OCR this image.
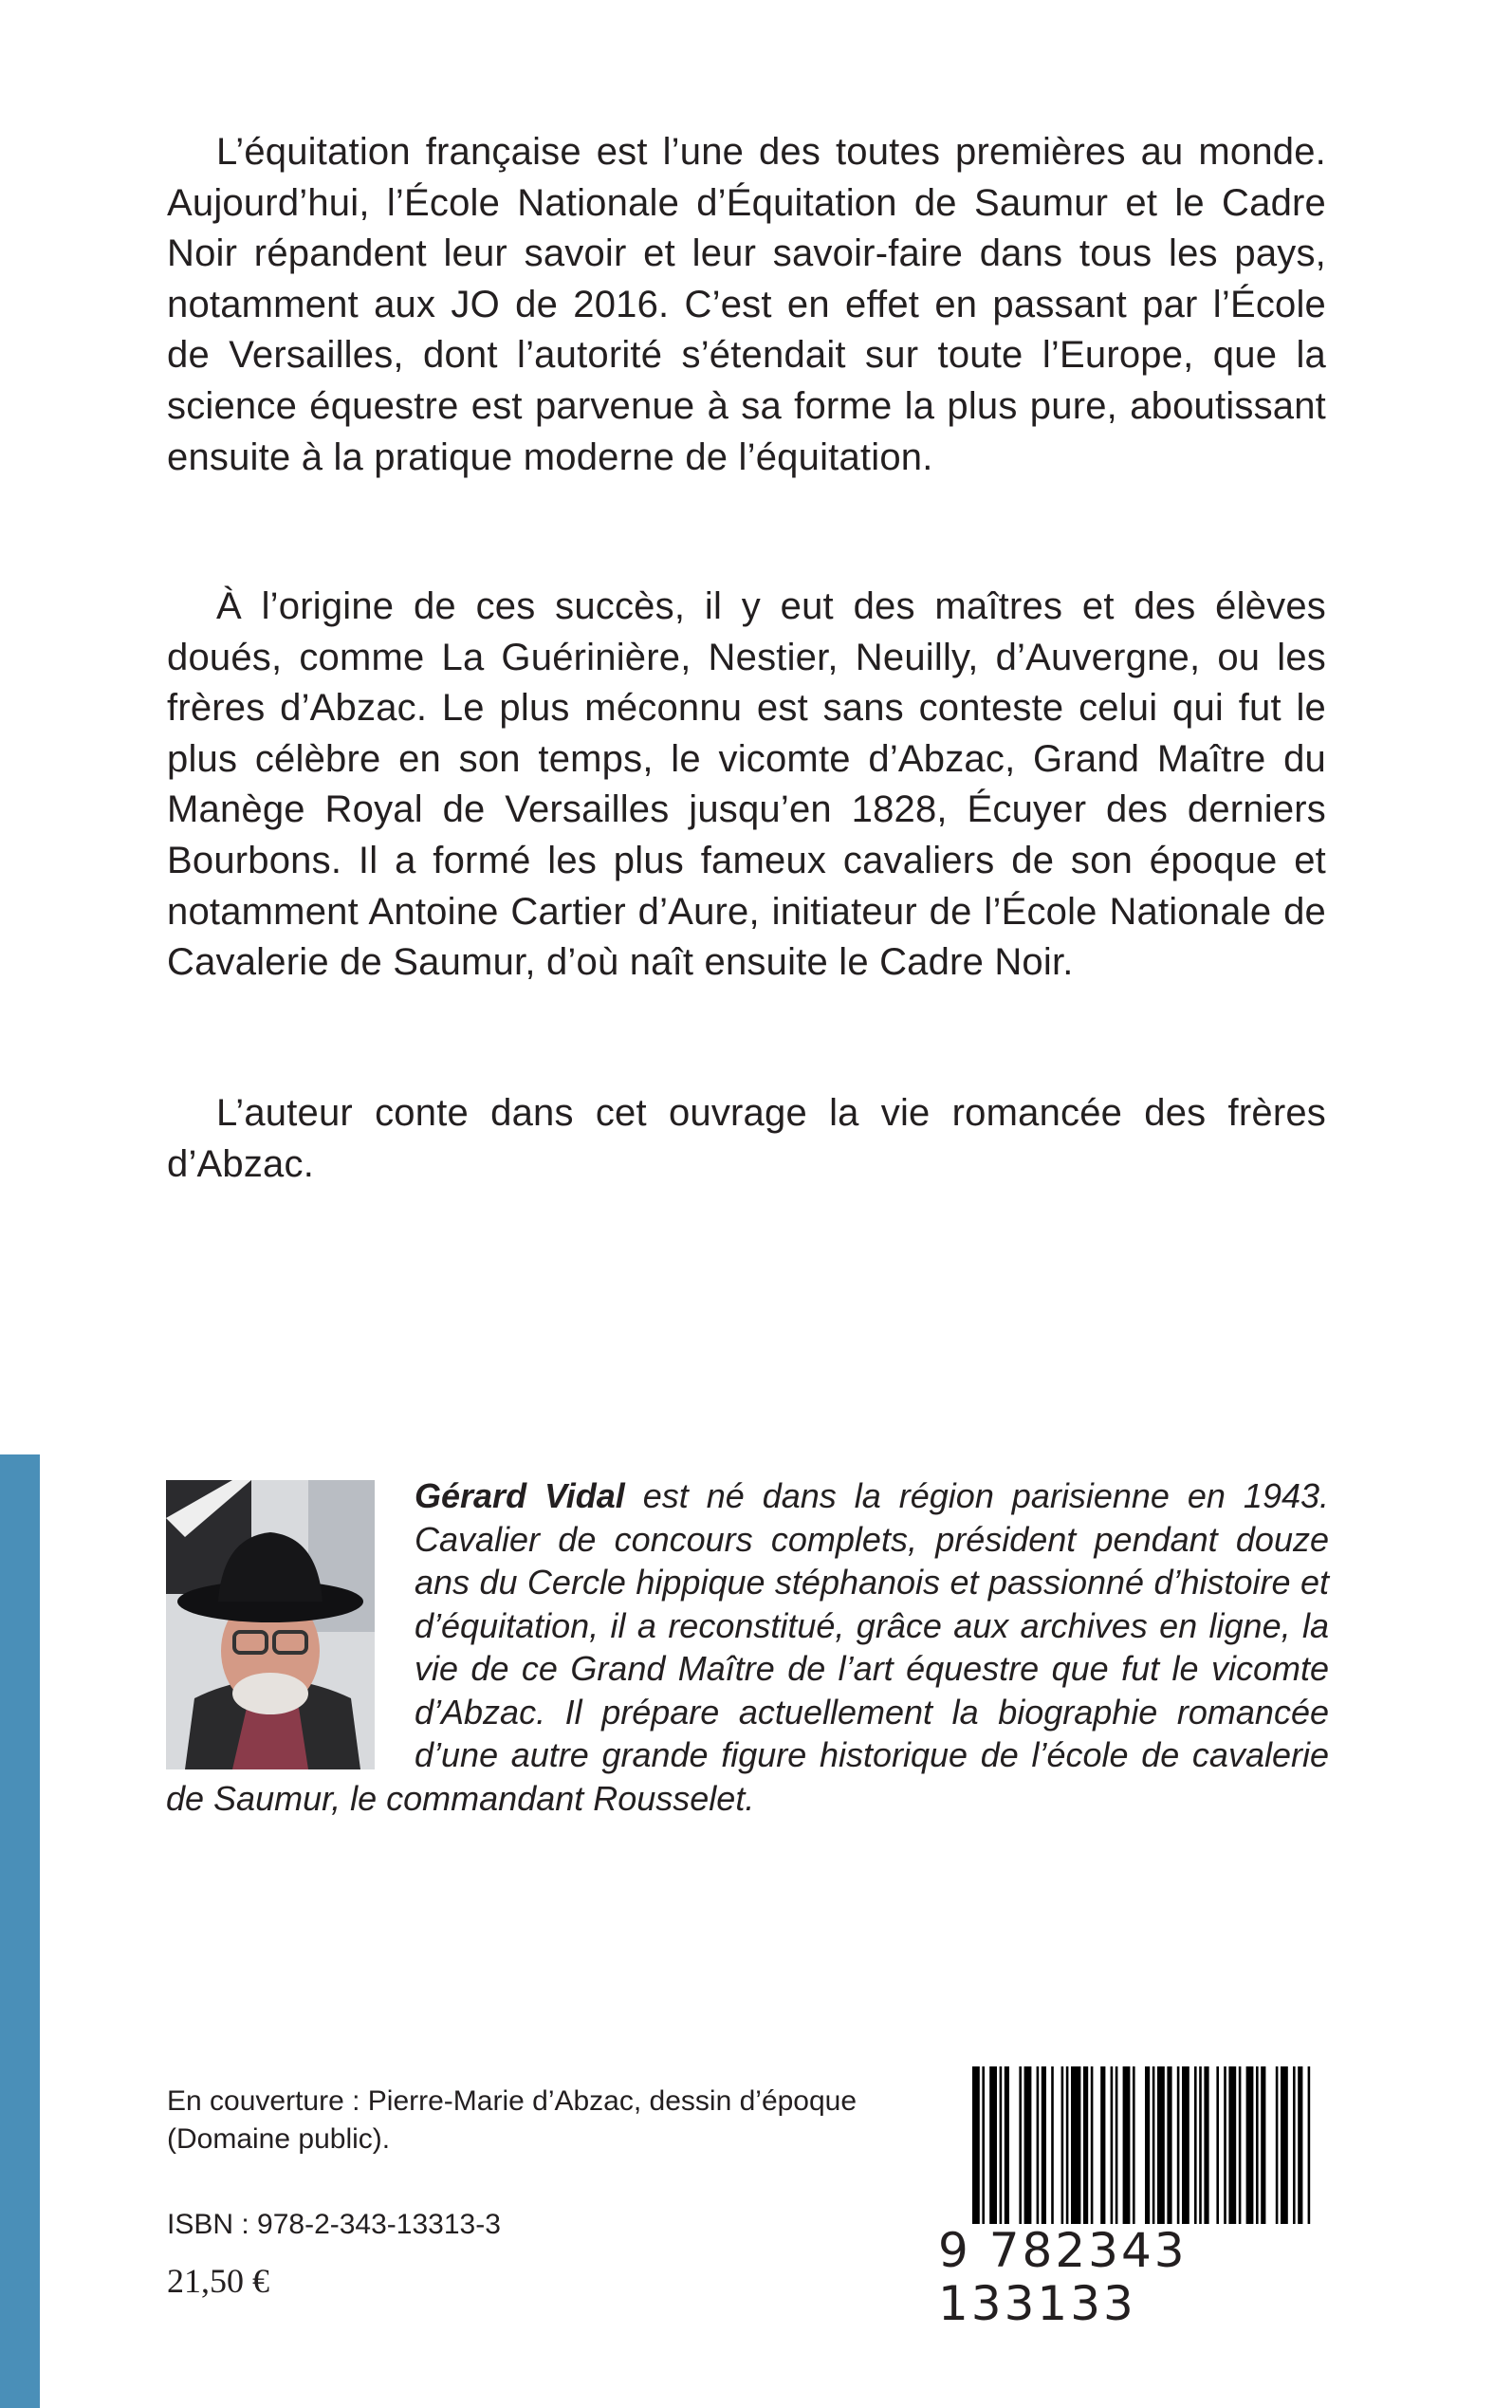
L’équitation française est l’une des toutes premières au monde. Aujourd’hui, l’École Nationale d’Équitation de Saumur et le Cadre Noir répandent leur savoir et leur savoir-faire dans tous les pays, notamment aux JO de 2016. C’est en effet en passant par l’École de Versailles, dont l’autorité s’étendait sur toute l’Europe, que la science équestre est parvenue à sa forme la plus pure, aboutissant ensuite à la pratique moderne de l’équitation.

À l’origine de ces succès, il y eut des maîtres et des élèves doués, comme La Guérinière, Nestier, Neuilly, d’Auvergne, ou les frères d’Abzac. Le plus méconnu est sans conteste celui qui fut le plus célèbre en son temps, le vicomte d’Abzac, Grand Maître du Manège Royal de Versailles jusqu’en 1828, Écuyer des derniers Bourbons. Il a formé les plus fameux cavaliers de son époque et notamment Antoine Cartier d’Aure, initiateur de l’École Nationale de Cavalerie de Saumur, d’où naît ensuite le Cadre Noir.

L’auteur conte dans cet ouvrage la vie romancée des frères d’Abzac.

Gérard Vidal est né dans la région parisienne en 1943. Cavalier de concours complets, président pendant douze ans du Cercle hippique stéphanois et passionné d’histoire et d’équitation, il a reconstitué, grâce aux archives en ligne, la vie de ce Grand Maître de l’art équestre que fut le vicomte d’Abzac. Il prépare actuellement la biographie romancée d’une autre grande figure historique de l’école de cavalerie de Saumur, le commandant Rousselet.

En couverture : Pierre-Marie d’Abzac, dessin d’époque (Domaine public).

ISBN : 978-2-343-13313-3

21,50 €

9 782343 133133
